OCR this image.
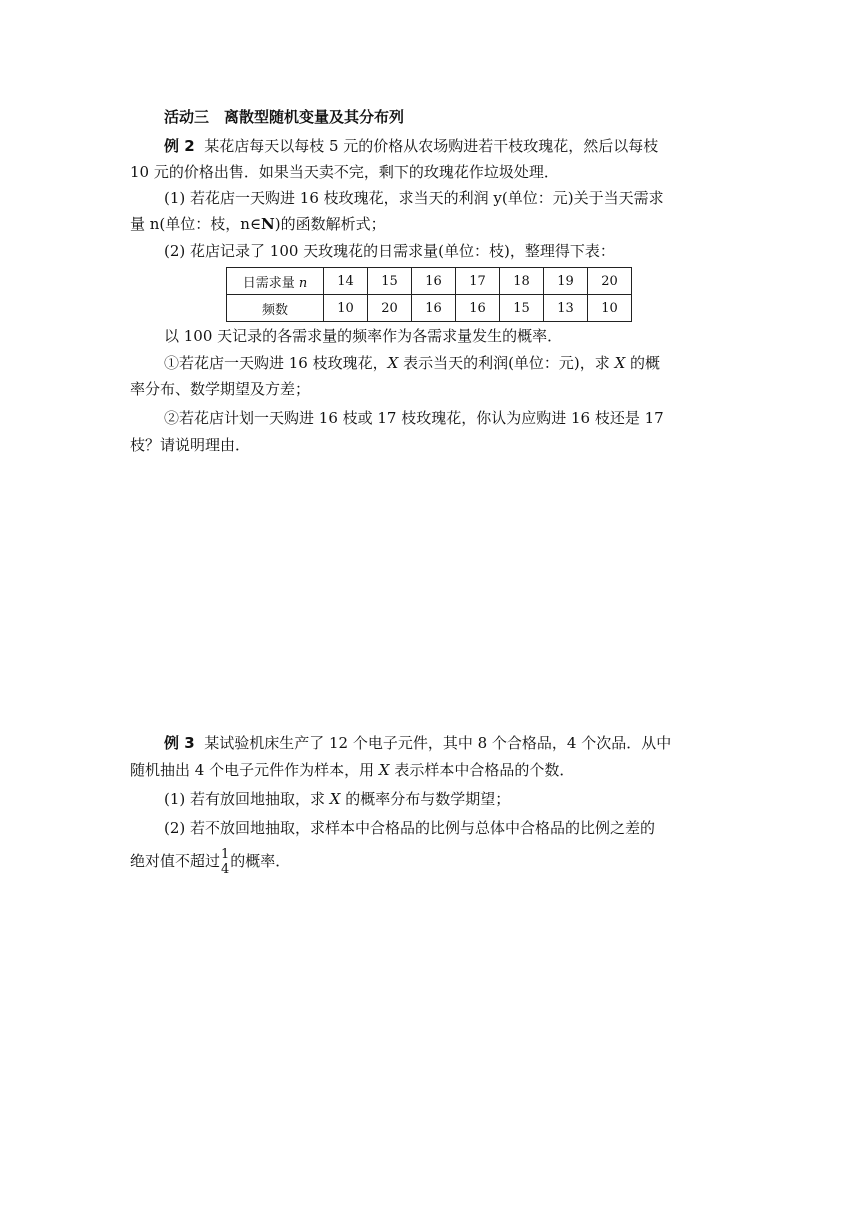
活动三　离散型随机变量及其分布列
例 2 某花店每天以每枝 5 元的价格从农场购进若干枝玫瑰花，然后以每枝
10 元的价格出售．如果当天卖不完，剩下的玫瑰花作垃圾处理．
(1) 若花店一天购进 16 枝玫瑰花，求当天的利润 y(单位：元)关于当天需求
量 n(单位：枝，n∈N)的函数解析式；
(2) 花店记录了 100 天玫瑰花的日需求量(单位：枝)，整理得下表：
日需求量 n	14	15	16	17	18	19	20
频数	10	20	16	16	15	13	10
以 100 天记录的各需求量的频率作为各需求量发生的概率．
①若花店一天购进 16 枝玫瑰花，X 表示当天的利润(单位：元)，求 X 的概
率分布、数学期望及方差；
②若花店计划一天购进 16 枝或 17 枝玫瑰花，你认为应购进 16 枝还是 17
枝？请说明理由．
例 3 某试验机床生产了 12 个电子元件，其中 8 个合格品，4 个次品．从中
随机抽出 4 个电子元件作为样本，用 X 表示样本中合格品的个数．
(1) 若有放回地抽取，求 X 的概率分布与数学期望；
(2) 若不放回地抽取，求样本中合格品的比例与总体中合格品的比例之差的
绝对值不超过 1
4 的概率．
